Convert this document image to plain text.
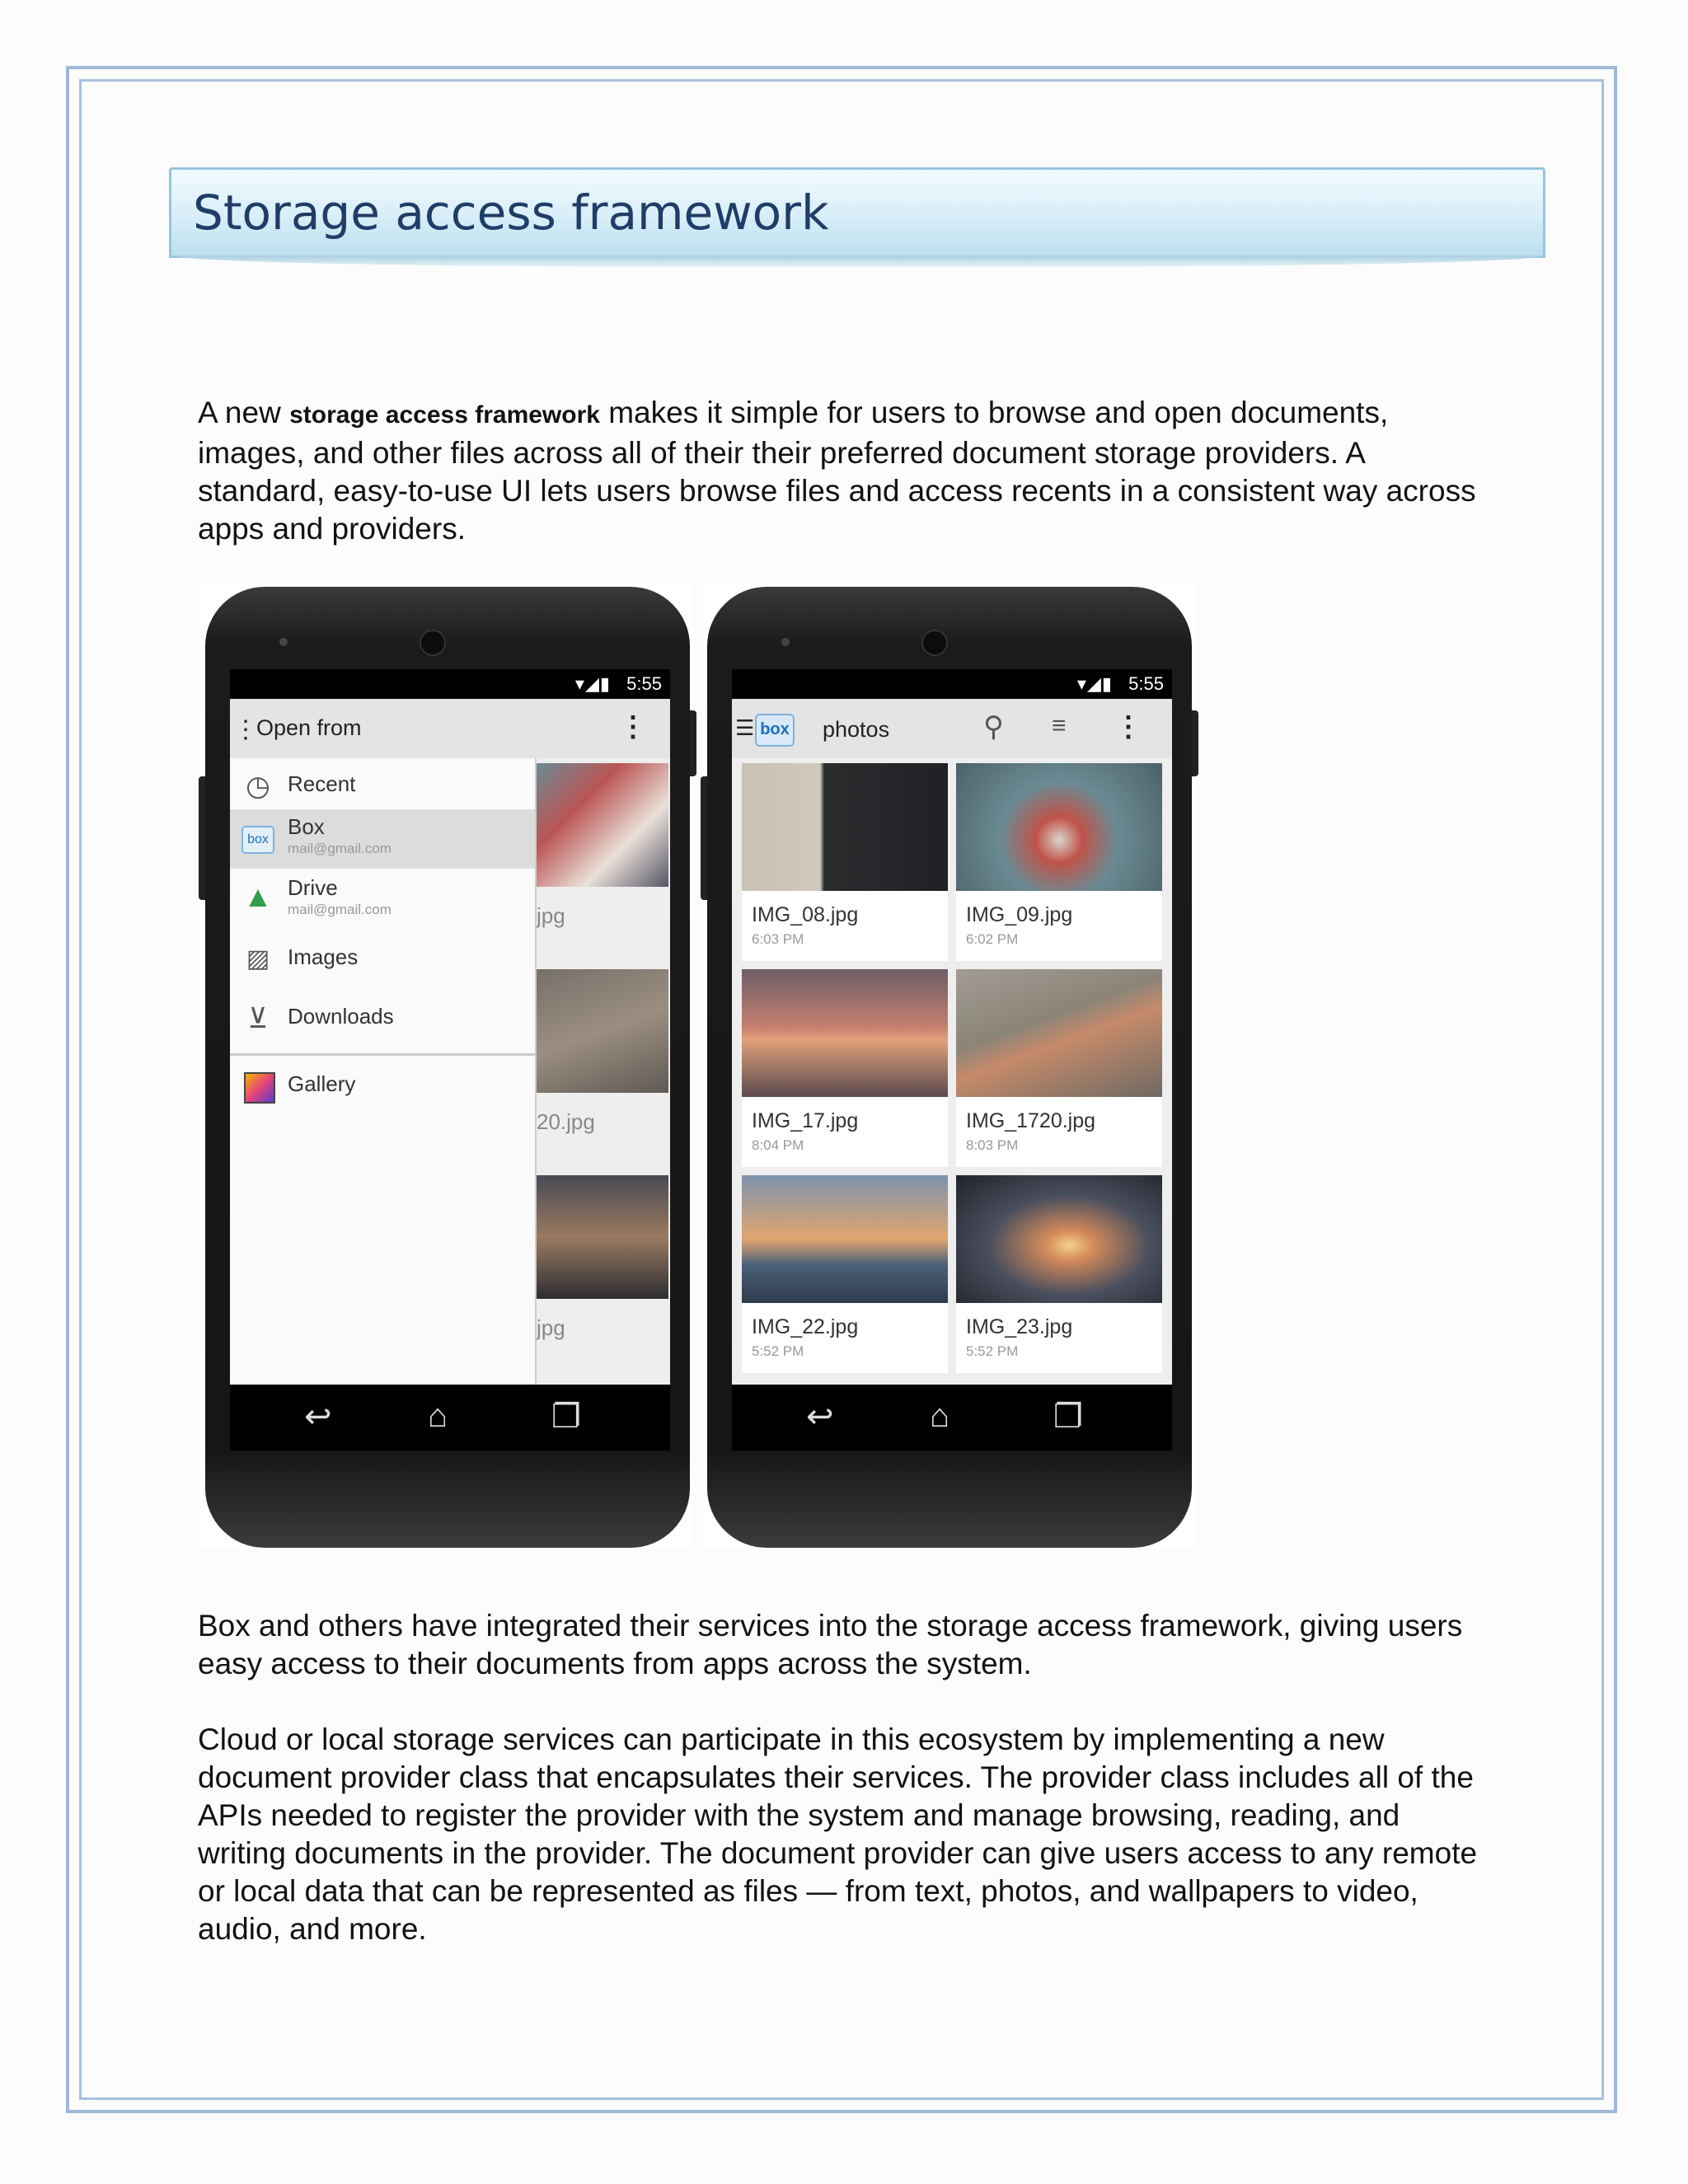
Storage access framework
A new storage access framework makes it simple for users to browse and open documents, images, and other files across all of their their preferred document storage providers. A standard, easy-to-use UI lets users browse files and access recents in a consistent way across apps and providers.
▾◢▮ 5:55
⋮
Open from	⋮
jpg
20.jpg
jpg
◷ Recent
box
Box
mail@gmail.com
▲ Drive
mail@gmail.com
▨ Images
⊻ Downloads
Gallery
↩	⌂	❐
▾◢▮ 5:55
☰ box photos	⚲ ≡ ⋮
IMG_08.jpg
6:03 PM
IMG_09.jpg
6:02 PM
IMG_17.jpg
8:04 PM
IMG_1720.jpg
8:03 PM
IMG_22.jpg
5:52 PM
IMG_23.jpg
5:52 PM
↩	⌂	❐
Box and others have integrated their services into the storage access framework, giving users easy access to their documents from apps across the system.
Cloud or local storage services can participate in this ecosystem by implementing a new document provider class that encapsulates their services. The provider class includes all of the APIs needed to register the provider with the system and manage browsing, reading, and writing documents in the provider. The document provider can give users access to any remote or local data that can be represented as files — from text, photos, and wallpapers to video, audio, and more.
